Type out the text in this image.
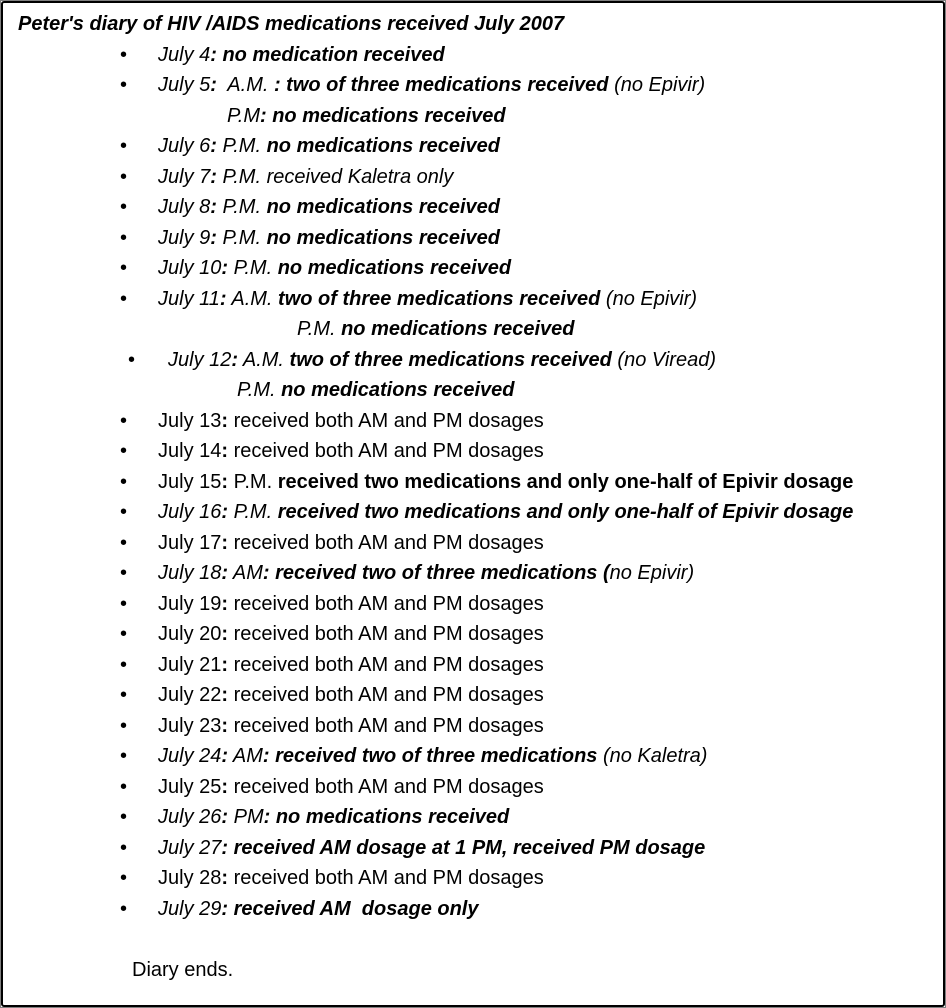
Peter's diary of HIV /AIDS medications received July 2007
• July 4: no medication received
• July 5:  A.M. : two of three medications received (no Epivir)
P.M: no medications received
• July 6: P.M. no medications received
• July 7: P.M. received Kaletra only
• July 8: P.M. no medications received
• July 9: P.M. no medications received
• July 10: P.M. no medications received
• July 11: A.M. two of three medications received (no Epivir)
P.M. no medications received
• July 12: A.M. two of three medications received (no Viread)
P.M. no medications received
• July 13: received both AM and PM dosages
• July 14: received both AM and PM dosages
• July 15: P.M. received two medications and only one-half of Epivir dosage
• July 16: P.M. received two medications and only one-half of Epivir dosage
• July 17: received both AM and PM dosages
• July 18: AM: received two of three medications (no Epivir)
• July 19: received both AM and PM dosages
• July 20: received both AM and PM dosages
• July 21: received both AM and PM dosages
• July 22: received both AM and PM dosages
• July 23: received both AM and PM dosages
• July 24: AM: received two of three medications (no Kaletra)
• July 25: received both AM and PM dosages
• July 26: PM: no medications received
• July 27: received AM dosage at 1 PM, received PM dosage
• July 28: received both AM and PM dosages
• July 29: received AM  dosage only
Diary ends.
